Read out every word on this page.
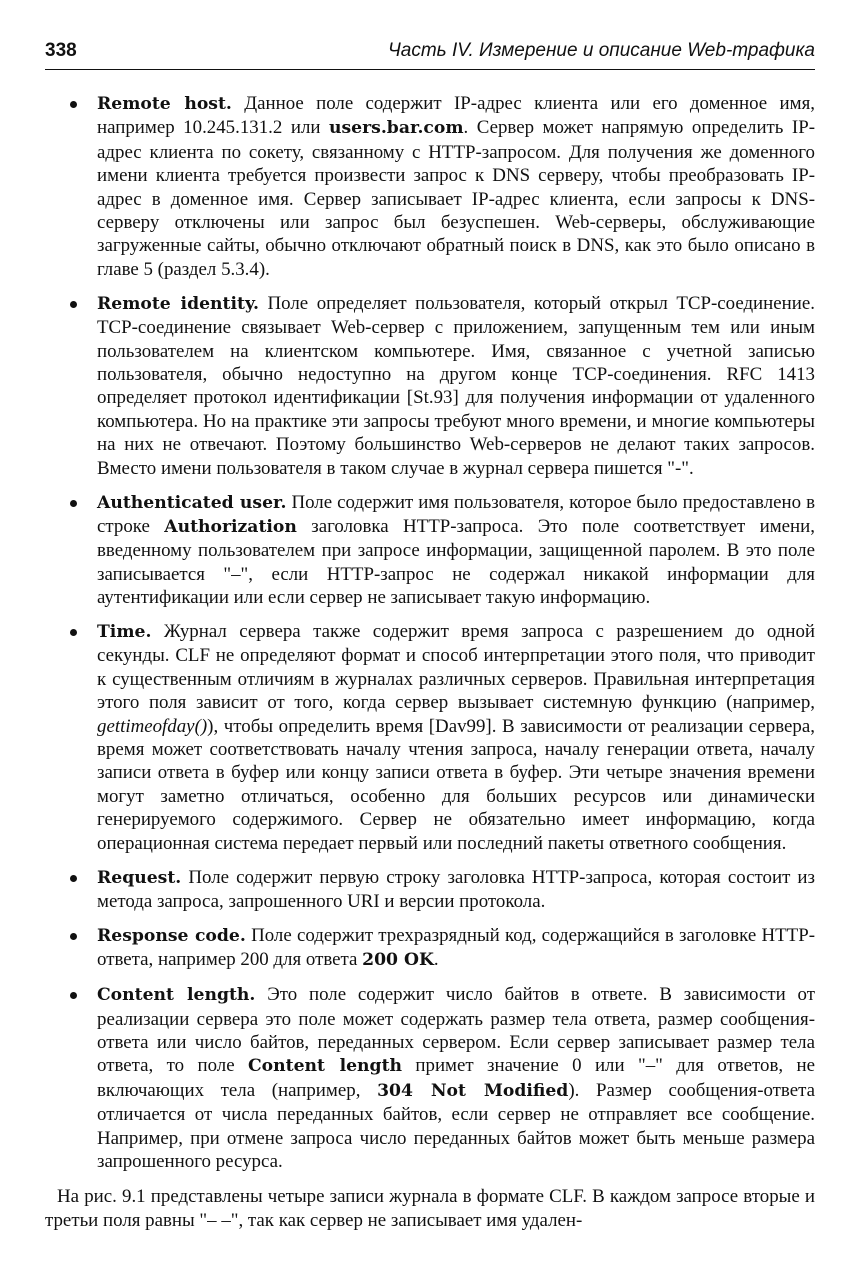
338	Часть IV. Измерение и описание Web-трафика
Remote host. Данное поле содержит IP-адрес клиента или его доменное имя, например 10.245.131.2 или users.bar.com. Сервер может напрямую определить IP-адрес клиента по сокету, связанному с HTTP-запросом. Для получения же доменного имени клиента требуется произвести запрос к DNS серверу, чтобы преобразовать IP-адрес в доменное имя. Сервер записывает IP-адрес клиента, если запросы к DNS-серверу отключены или запрос был безуспешен. Web-серверы, обслуживающие загруженные сайты, обычно отключают обратный поиск в DNS, как это было описано в главе 5 (раздел 5.3.4).
Remote identity. Поле определяет пользователя, который открыл TCP-соединение. TCP-соединение связывает Web-сервер с приложением, запущенным тем или иным пользователем на клиентском компьютере. Имя, связанное с учетной записью пользователя, обычно недоступно на другом конце TCP-соединения. RFC 1413 определяет протокол идентификации [St.93] для получения информации от удаленного компьютера. Но на практике эти запросы требуют много времени, и многие компьютеры на них не отвечают. Поэтому большинство Web-серверов не делают таких запросов. Вместо имени пользователя в таком случае в журнал сервера пишется "-".
Authenticated user. Поле содержит имя пользователя, которое было предоставлено в строке Authorization заголовка HTTP-запроса. Это поле соответствует имени, введенному пользователем при запросе информации, защищенной паролем. В это поле записывается "–", если HTTP-запрос не содержал никакой информации для аутентификации или если сервер не записывает такую информацию.
Time. Журнал сервера также содержит время запроса с разрешением до одной секунды. CLF не определяют формат и способ интерпретации этого поля, что приводит к существенным отличиям в журналах различных серверов. Правильная интерпретация этого поля зависит от того, когда сервер вызывает системную функцию (например, gettimeofday()), чтобы определить время [Dav99]. В зависимости от реализации сервера, время может соответствовать началу чтения запроса, началу генерации ответа, началу записи ответа в буфер или концу записи ответа в буфер. Эти четыре значения времени могут заметно отличаться, особенно для больших ресурсов или динамически генерируемого содержимого. Сервер не обязательно имеет информацию, когда операционная система передает первый или последний пакеты ответного сообщения.
Request. Поле содержит первую строку заголовка HTTP-запроса, которая состоит из метода запроса, запрошенного URI и версии протокола.
Response code. Поле содержит трехразрядный код, содержащийся в заголовке HTTP-ответа, например 200 для ответа 200 OK.
Content length. Это поле содержит число байтов в ответе. В зависимости от реализации сервера это поле может содержать размер тела ответа, размер сообщения-ответа или число байтов, переданных сервером. Если сервер записывает размер тела ответа, то поле Content length примет значение 0 или "–" для ответов, не включающих тела (например, 304 Not Modified). Размер сообщения-ответа отличается от числа переданных байтов, если сервер не отправляет все сообщение. Например, при отмене запроса число переданных байтов может быть меньше размера запрошенного ресурса.

На рис. 9.1 представлены четыре записи журнала в формате CLF. В каждом запросе вторые и третьи поля равны "– –", так как сервер не записывает имя удален-
